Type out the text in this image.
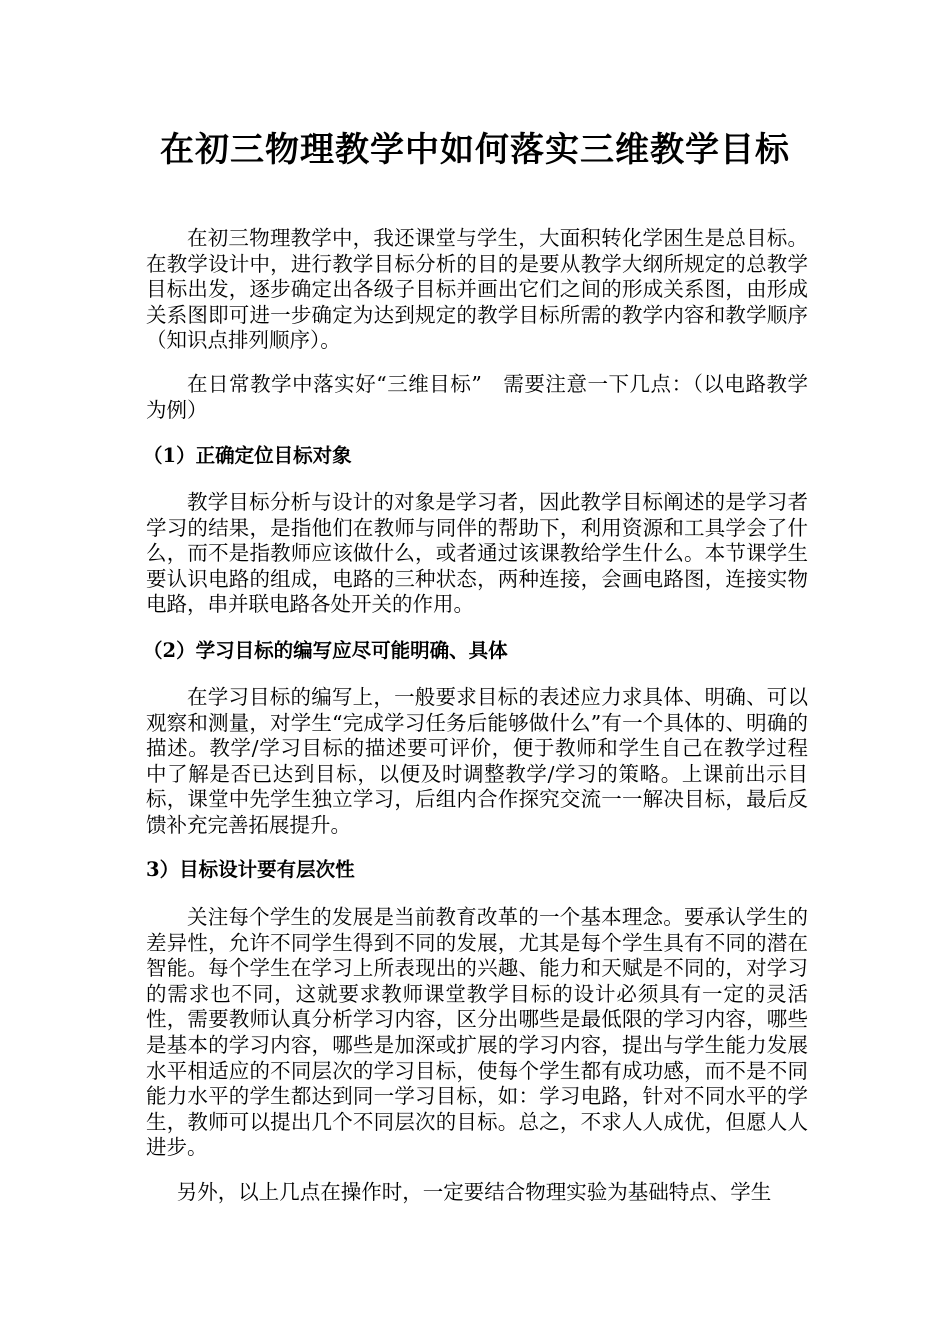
在初三物理教学中如何落实三维教学目标

在初三物理教学中，我还课堂与学生，大面积转化学困生是总目标。在教学设计中，进行教学目标分析的目的是要从教学大纲所规定的总教学目标出发，逐步确定出各级子目标并画出它们之间的形成关系图，由形成关系图即可进一步确定为达到规定的教学目标所需的教学内容和教学顺序（知识点排列顺序）。

在日常教学中落实好“三维目标”　需要注意一下几点：（以电路教学为例）

（1）正确定位目标对象

教学目标分析与设计的对象是学习者，因此教学目标阐述的是学习者学习的结果，是指他们在教师与同伴的帮助下，利用资源和工具学会了什么，而不是指教师应该做什么，或者通过该课教给学生什么。本节课学生要认识电路的组成，电路的三种状态，两种连接，会画电路图，连接实物电路，串并联电路各处开关的作用。

（2）学习目标的编写应尽可能明确、具体

在学习目标的编写上，一般要求目标的表述应力求具体、明确、可以观察和测量，对学生“完成学习任务后能够做什么”有一个具体的、明确的描述。教学/学习目标的描述要可评价，便于教师和学生自己在教学过程中了解是否已达到目标，以便及时调整教学/学习的策略。上课前出示目标，课堂中先学生独立学习，后组内合作探究交流一一解决目标，最后反馈补充完善拓展提升。

3）目标设计要有层次性

关注每个学生的发展是当前教育改革的一个基本理念。要承认学生的差异性，允许不同学生得到不同的发展，尤其是每个学生具有不同的潜在智能。每个学生在学习上所表现出的兴趣、能力和天赋是不同的，对学习的需求也不同，这就要求教师课堂教学目标的设计必须具有一定的灵活性，需要教师认真分析学习内容，区分出哪些是最低限的学习内容，哪些是基本的学习内容，哪些是加深或扩展的学习内容，提出与学生能力发展水平相适应的不同层次的学习目标，使每个学生都有成功感，而不是不同能力水平的学生都达到同一学习目标，如：学习电路，针对不同水平的学生，教师可以提出几个不同层次的目标。总之，不求人人成优，但愿人人进步。

另外，以上几点在操作时，一定要结合物理实验为基础特点、学生
